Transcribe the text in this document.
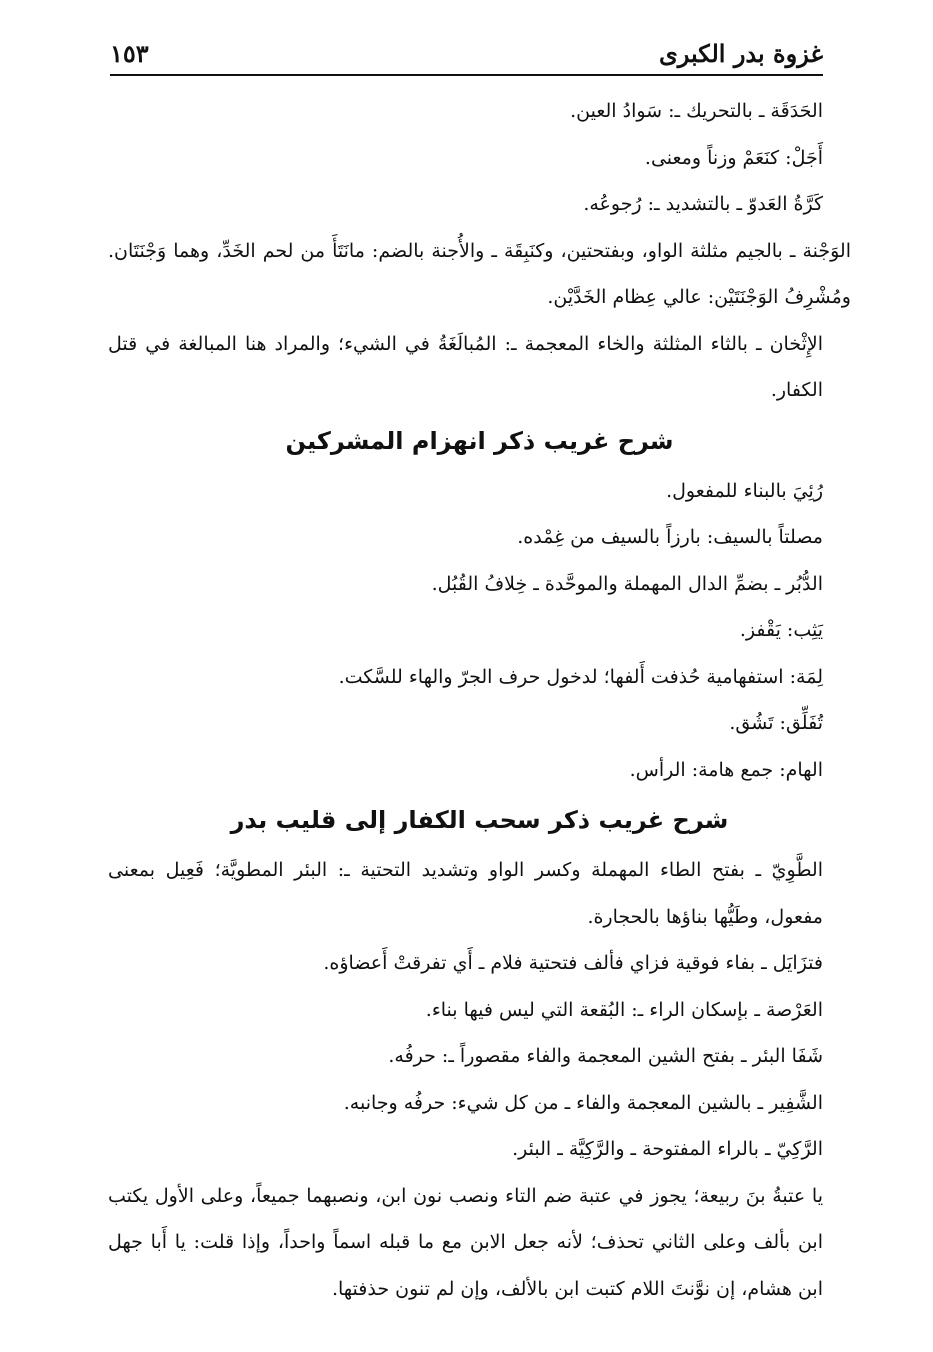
غزوة بدر الكبرى
١٥٣

الحَدَقَة ـ بالتحريك ـ: سَوادُ العين.

أَجَلْ: كنَعَمْ وزناً ومعنى.

كَرَّةُ العَدوّ ـ بالتشديد ـ: رُجوعُه.

الوَجْنة ـ بالجيم مثلثة الواو، وبفتحتين، وكنَبِقَة ـ والأُجنة بالضم: مانَتَأَ من لحم الخَدِّ، وهما وَجْنَتَان. ومُشْرِفُ الوَجْنَتَيْن: عالي عِظام الخَدَّيْن.

الإِثْخان ـ بالثاء المثلثة والخاء المعجمة ـ: المُبالَغَةُ في الشيء؛ والمراد هنا المبالغة في قتل الكفار.

شرح غريب ذكر انهزام المشركين

رُئِيَ بالبناء للمفعول.

مصلتاً بالسيف: بارزاً بالسيف من غِمْده.

الدُّبُر ـ بضمِّ الدال المهملة والموحَّدة ـ خِلافُ القُبُل.

يَثِب: يَقْفز.

لِمَة: استفهامية حُذفت أَلفها؛ لدخول حرف الجرّ والهاء للسَّكت.

تُفَلِّق: تَشُق.

الهام: جمع هامة: الرأس.

شرح غريب ذكر سحب الكفار إلى قليب بدر

الطَّوِيّ ـ بفتح الطاء المهملة وكسر الواو وتشديد التحتية ـ: البئر المطويَّة؛ فَعِيل بمعنى مفعول، وطَيُّها بناؤها بالحجارة.

فتزَايَل ـ بفاء فوقية فزاي فألف فتحتية فلام ـ أَي تفرقتْ أَعضاؤه.

العَرْصة ـ بإسكان الراء ـ: البُقعة التي ليس فيها بناء.

شَفَا البئر ـ بفتح الشين المعجمة والفاء مقصوراً ـ: حرفُه.

الشَّفِير ـ بالشين المعجمة والفاء ـ من كل شيء: حرفُه وجانبه.

الرَّكِيّ ـ بالراء المفتوحة ـ والرَّكِيَّة ـ البئر.

يا عتبةُ بنَ ربيعة؛ يجوز في عتبة ضم التاء ونصب نون ابن، ونصبهما جميعاً، وعلى الأول يكتب ابن بألف وعلى الثاني تحذف؛ لأنه جعل الابن مع ما قبله اسماً واحداً، وإذا قلت: يا أَبا جهل ابن هشام، إن نوَّنتَ اللام كتبت ابن بالألف، وإن لم تنون حذفتها.
